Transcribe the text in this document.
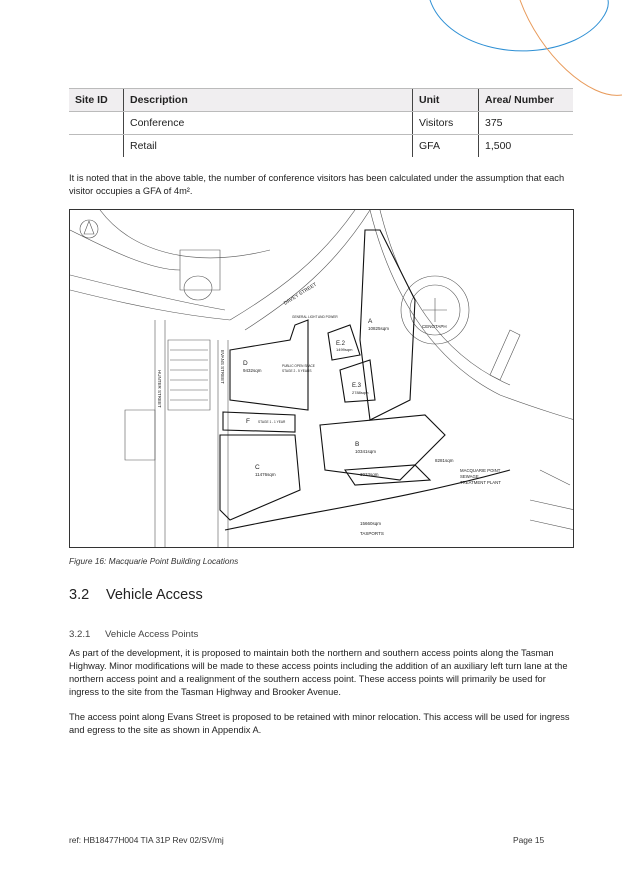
Site ID	Description	Unit	Area/ Number
	Conference	Visitors	375
	Retail	GFA	1,500

It is noted that in the above table, the number of conference visitors has been calculated under the assumption that each visitor occupies a GFA of 4m².

A
10825sqm	CENOTAPH
D
9432sqm
E.2
1499sqm
E.3
2788sqm
F
C
11476sqm
B
10341sqm
3033sqm
8281sqm
MACQUARIE POINT
SEWAGE
TREATMENT PLANT
15660sqm
TASPORTS
PUBLIC OPEN SPACE
STAGE 2 - 5 YEARS
STAGE 1 - 1 YEAR
GENERAL LIGHT AND POWER
DAVEY STREET
EVANS STREET
HUNTER STREET
Figure 16: Macquarie Point Building Locations
3.2 Vehicle Access
3.2.1 Vehicle Access Points

As part of the development, it is proposed to maintain both the northern and southern access points along the Tasman Highway. Minor modifications will be made to these access points including the addition of an auxiliary left turn lane at the northern access point and a realignment of the southern access point. These access points will primarily be used for ingress to the site from the Tasman Highway and Brooker Avenue.

The access point along Evans Street is proposed to be retained with minor relocation. This access will be used for ingress and egress to the site as shown in Appendix A.

ref: HB18477H004 TIA 31P Rev 02/SV/mj	Page 15
